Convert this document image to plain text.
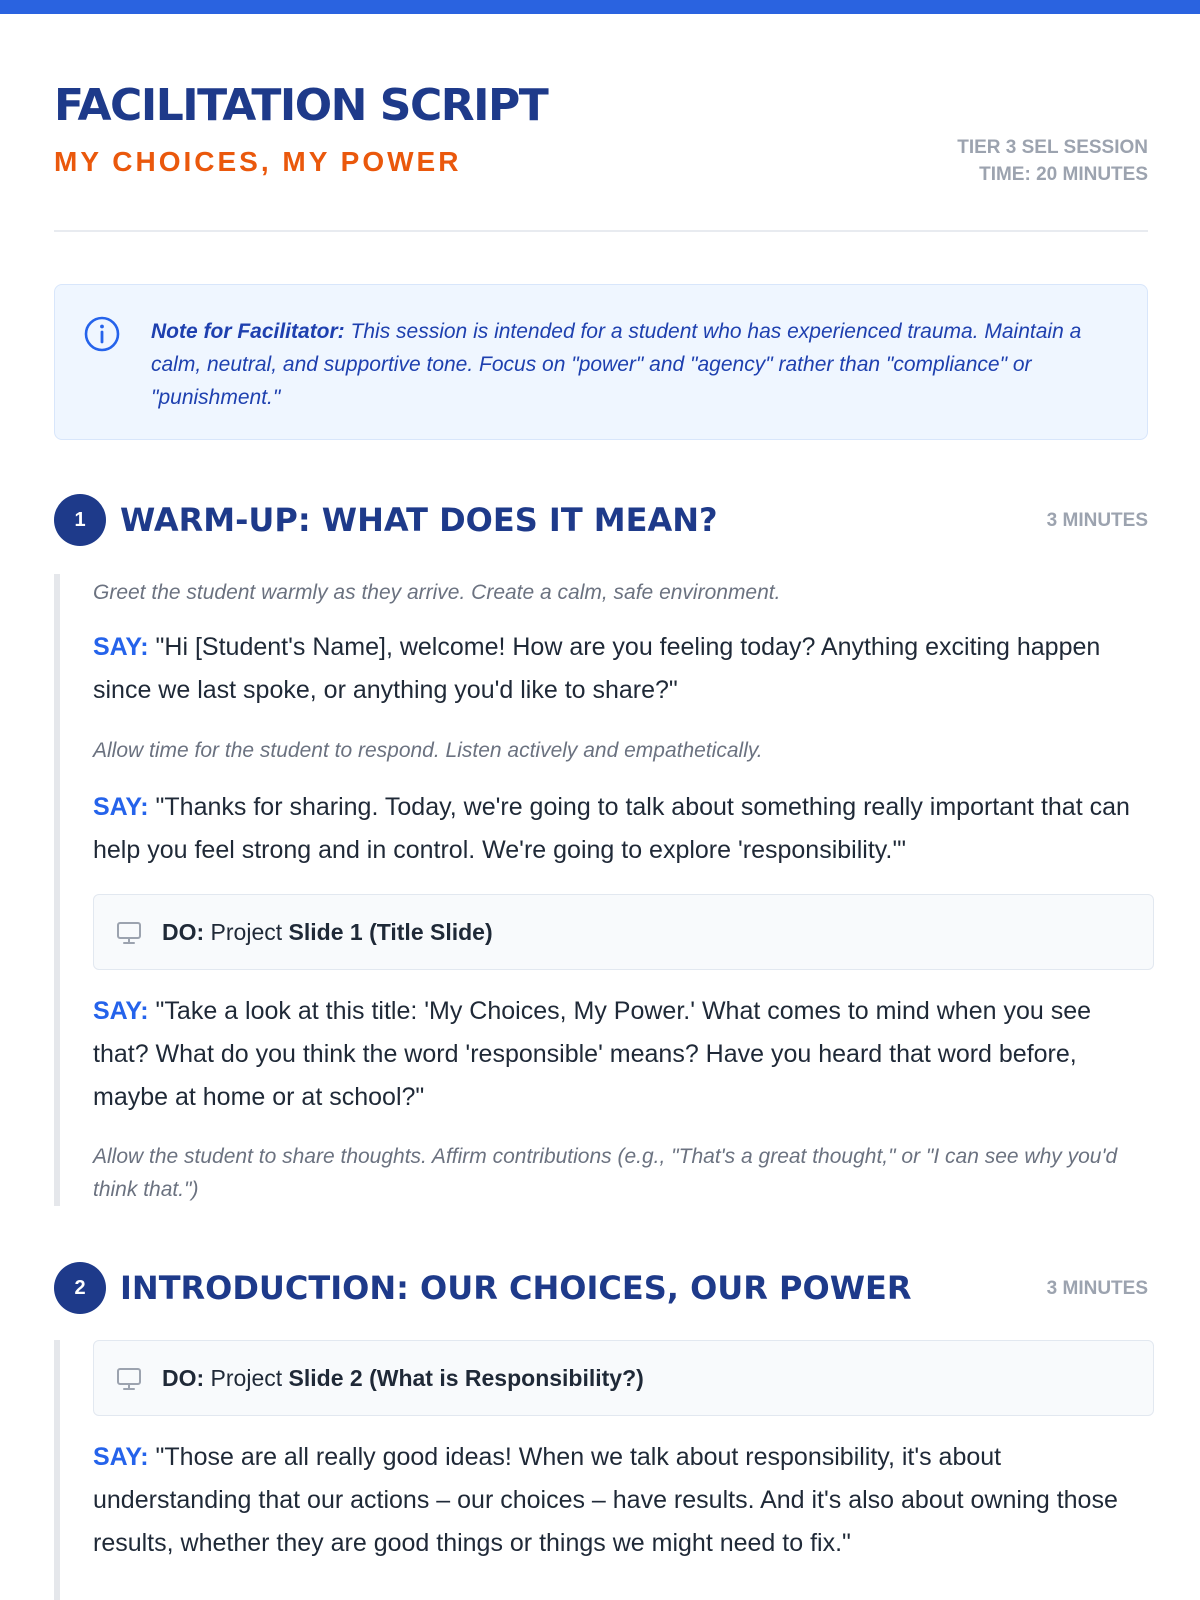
FACILITATION SCRIPT
MY CHOICES, MY POWER	TIER 3 SEL SESSION
TIME: 20 MINUTES
Note for Facilitator: This session is intended for a student who has experienced trauma. Maintain a calm, neutral, and supportive tone. Focus on "power" and "agency" rather than "compliance" or "punishment."
1	WARM-UP: WHAT DOES IT MEAN?	3 MINUTES
Greet the student warmly as they arrive. Create a calm, safe environment.
SAY: "Hi [Student's Name], welcome! How are you feeling today? Anything exciting happen since we last spoke, or anything you'd like to share?"
Allow time for the student to respond. Listen actively and empathetically.
SAY: "Thanks for sharing. Today, we're going to talk about something really important that can help you feel strong and in control. We're going to explore 'responsibility.'"
DO: Project Slide 1 (Title Slide)
SAY: "Take a look at this title: 'My Choices, My Power.' What comes to mind when you see that? What do you think the word 'responsible' means? Have you heard that word before, maybe at home or at school?"
Allow the student to share thoughts. Affirm contributions (e.g., "That's a great thought," or "I can see why you'd think that.")
2	INTRODUCTION: OUR CHOICES, OUR POWER	3 MINUTES
DO: Project Slide 2 (What is Responsibility?)
SAY: "Those are all really good ideas! When we talk about responsibility, it's about understanding that our actions – our choices – have results. And it's also about owning those results, whether they are good things or things we might need to fix."
